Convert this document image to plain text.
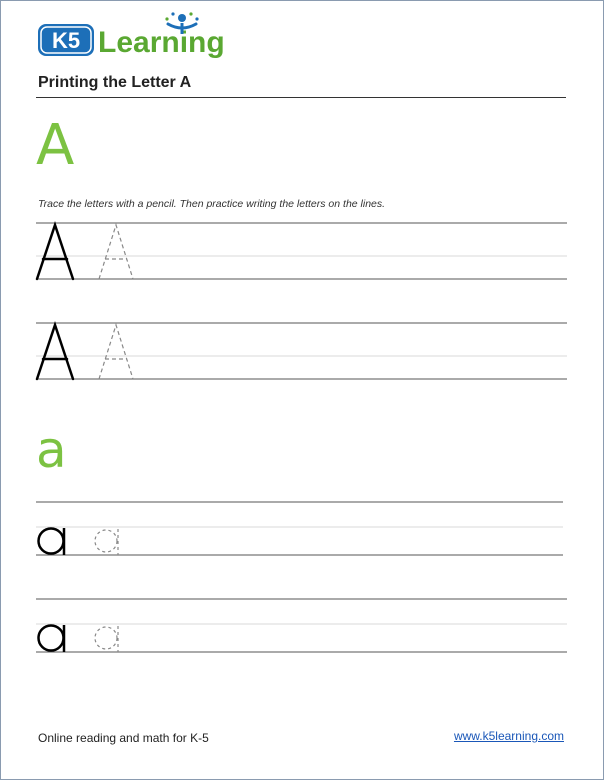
K5 Learning
Printing the Letter A
A
Trace the letters with a pencil. Then practice writing the letters on the lines.
a
Online reading and math for K-5	www.k5learning.com
